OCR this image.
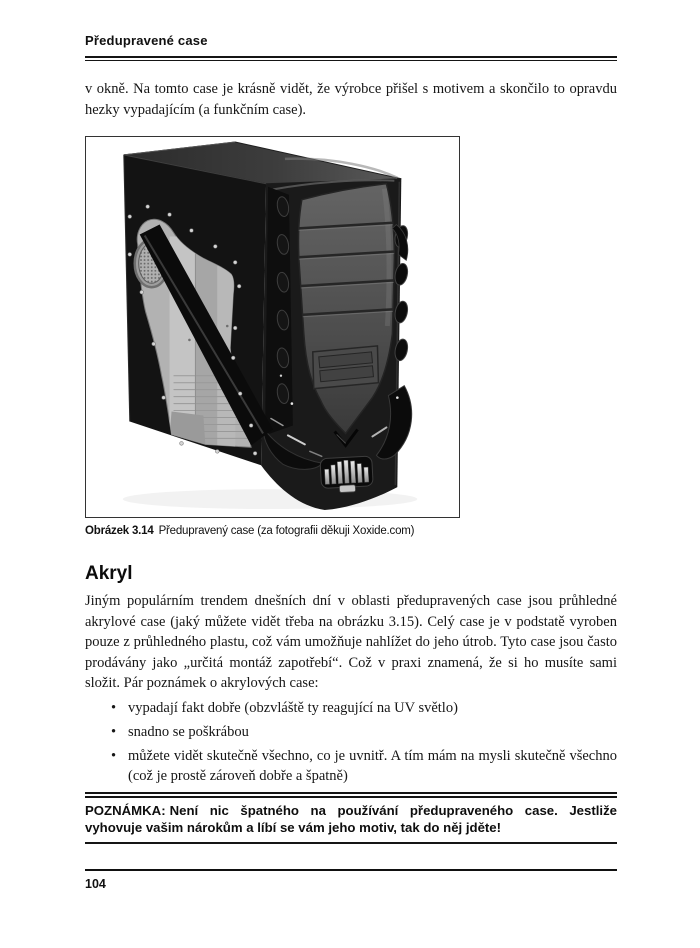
Předupravené case
v okně. Na tomto case je krásně vidět, že výrobce přišel s motivem a skončilo to opravdu hezky vypadajícím (a funkčním case).
Obrázek 3.14 Předupravený case (za fotografii děkuji Xoxide.com)
Akryl
Jiným populárním trendem dnešních dní v oblasti předupravených case jsou průhledné akrylové case (jaký můžete vidět třeba na obrázku 3.15). Celý case je v podstatě vyroben pouze z průhledného plastu, což vám umožňuje nahlížet do jeho útrob. Tyto case jsou často prodávány jako „určitá montáž zapotřebí“. Což v praxi znamená, že si ho musíte sami složit. Pár poznámek o akrylových case:
• vypadají fakt dobře (obzvláště ty reagující na UV světlo)
• snadno se poškrábou
• můžete vidět skutečně všechno, co je uvnitř. A tím mám na mysli skutečně všechno (což je prostě zároveň dobře a špatně)
POZNÁMKA: Není nic špatného na používání předupraveného case. Jestliže vyhovuje vašim nárokům a líbí se vám jeho motiv, tak do něj jděte!
104
